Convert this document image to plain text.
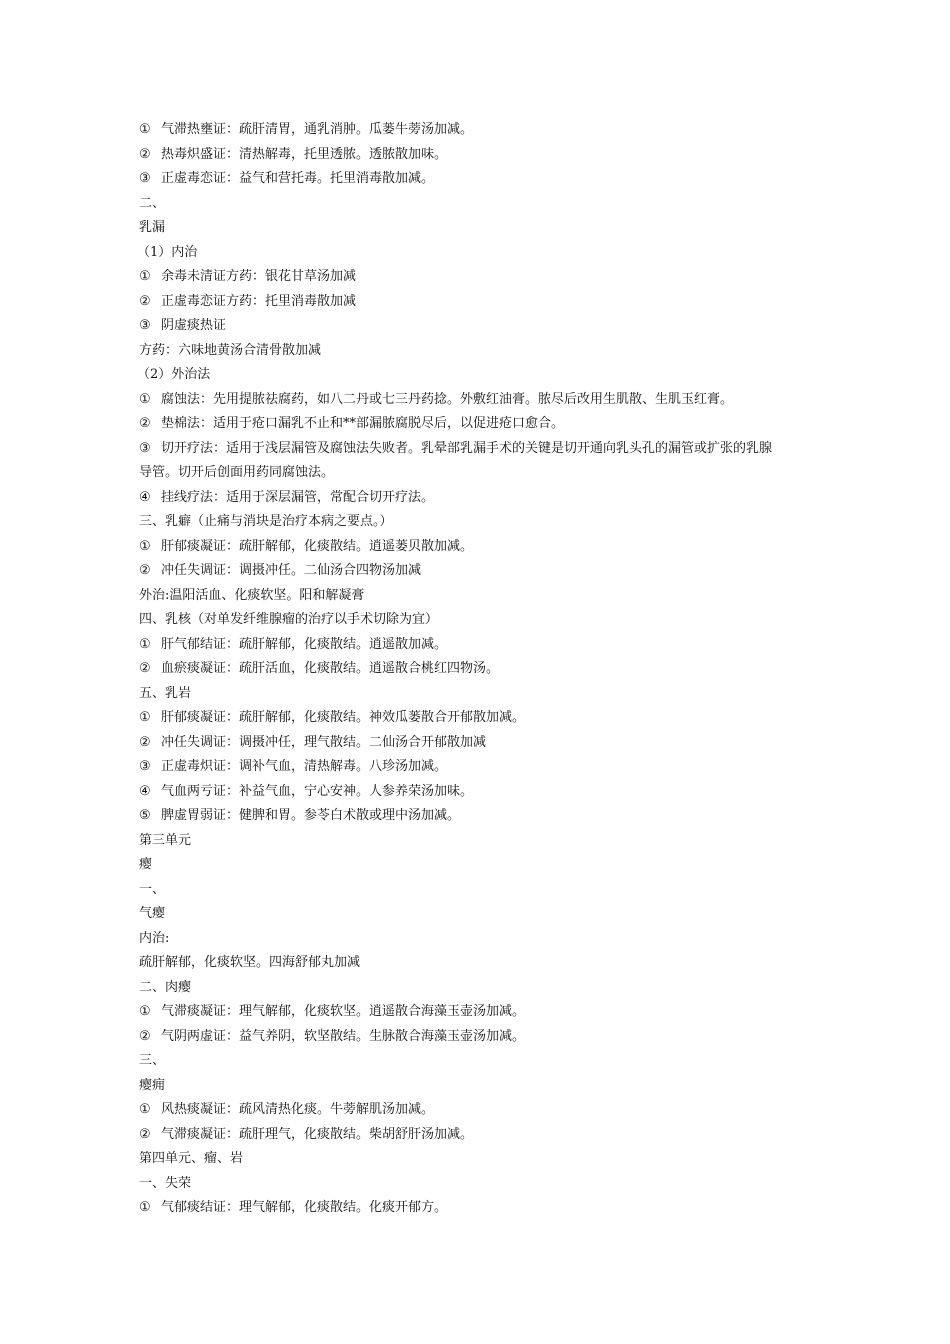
① 气滞热壅证：疏肝清胃，通乳消肿。瓜蒌牛蒡汤加减。
② 热毒炽盛证：清热解毒，托里透脓。透脓散加味。
③ 正虚毒恋证：益气和营托毒。托里消毒散加减。
二、
乳漏
（1）内治
① 余毒未清证方药：银花甘草汤加减
② 正虚毒恋证方药：托里消毒散加减
③ 阴虚痰热证
方药：六味地黄汤合清骨散加减
（2）外治法
① 腐蚀法：先用提脓祛腐药，如八二丹或七三丹药捻。外敷红油膏。脓尽后改用生肌散、生肌玉红膏。
② 垫棉法：适用于疮口漏乳不止和**部漏脓腐脱尽后，以促进疮口愈合。
③ 切开疗法：适用于浅层漏管及腐蚀法失败者。乳晕部乳漏手术的关键是切开通向乳头孔的漏管或扩张的乳腺
导管。切开后创面用药同腐蚀法。
④ 挂线疗法：适用于深层漏管，常配合切开疗法。
三、乳癖（止痛与消块是治疗本病之要点。）
① 肝郁痰凝证：疏肝解郁，化痰散结。逍遥蒌贝散加减。
② 冲任失调证：调摄冲任。二仙汤合四物汤加减
外治:温阳活血、化痰软坚。阳和解凝膏
四、乳核（对单发纤维腺瘤的治疗以手术切除为宜）
① 肝气郁结证：疏肝解郁，化痰散结。逍遥散加减。
② 血瘀痰凝证：疏肝活血，化痰散结。逍遥散合桃红四物汤。
五、乳岩
① 肝郁痰凝证：疏肝解郁，化痰散结。神效瓜蒌散合开郁散加减。
② 冲任失调证：调摄冲任，理气散结。二仙汤合开郁散加减
③ 正虚毒炽证：调补气血，清热解毒。八珍汤加减。
④ 气血两亏证：补益气血，宁心安神。人参养荣汤加味。
⑤ 脾虚胃弱证：健脾和胃。参苓白术散或理中汤加减。
第三单元
瘿
一、
气瘿
内治:
疏肝解郁，化痰软坚。四海舒郁丸加减
二、肉瘿
① 气滞痰凝证：理气解郁，化痰软坚。逍遥散合海藻玉壶汤加减。
② 气阴两虚证：益气养阴，软坚散结。生脉散合海藻玉壶汤加减。
三、
瘿痈
① 风热痰凝证：疏风清热化痰。牛蒡解肌汤加减。
② 气滞痰凝证：疏肝理气，化痰散结。柴胡舒肝汤加减。
第四单元、瘤、岩
一、失荣
① 气郁痰结证：理气解郁，化痰散结。化痰开郁方。
